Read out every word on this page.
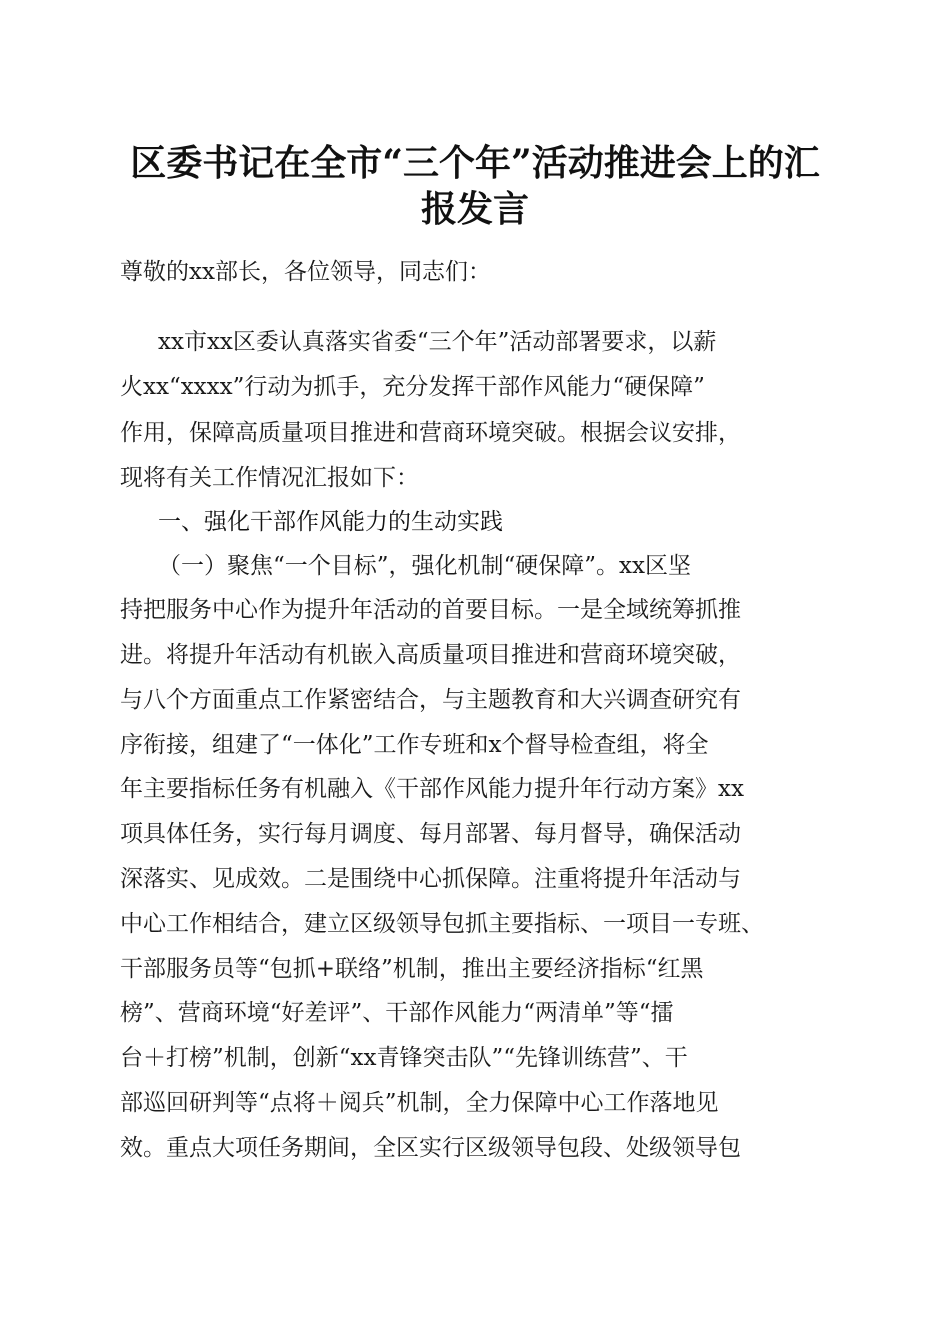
区委书记在全市“三个年”活动推进会上的汇
报发言
尊敬的xx部长，各位领导，同志们：
xx市xx区委认真落实省委“三个年”活动部署要求，以薪
火xx“xxxx”行动为抓手，充分发挥干部作风能力“硬保障”
作用，保障高质量项目推进和营商环境突破。根据会议安排，
现将有关工作情况汇报如下：
一、强化干部作风能力的生动实践
（一）聚焦“一个目标”，强化机制“硬保障”。xx区坚
持把服务中心作为提升年活动的首要目标。一是全域统筹抓推
进。将提升年活动有机嵌入高质量项目推进和营商环境突破，
与八个方面重点工作紧密结合，与主题教育和大兴调查研究有
序衔接，组建了“一体化”工作专班和x个督导检查组，将全
年主要指标任务有机融入《干部作风能力提升年行动方案》xx
项具体任务，实行每月调度、每月部署、每月督导，确保活动
深落实、见成效。二是围绕中心抓保障。注重将提升年活动与
中心工作相结合，建立区级领导包抓主要指标、一项目一专班、
干部服务员等“包抓+联络”机制，推出主要经济指标“红黑
榜”、营商环境“好差评”、干部作风能力“两清单”等“擂
台＋打榜”机制，创新“xx青锋突击队”“先锋训练营”、干
部巡回研判等“点将＋阅兵”机制，全力保障中心工作落地见
效。重点大项任务期间，全区实行区级领导包段、处级领导包
